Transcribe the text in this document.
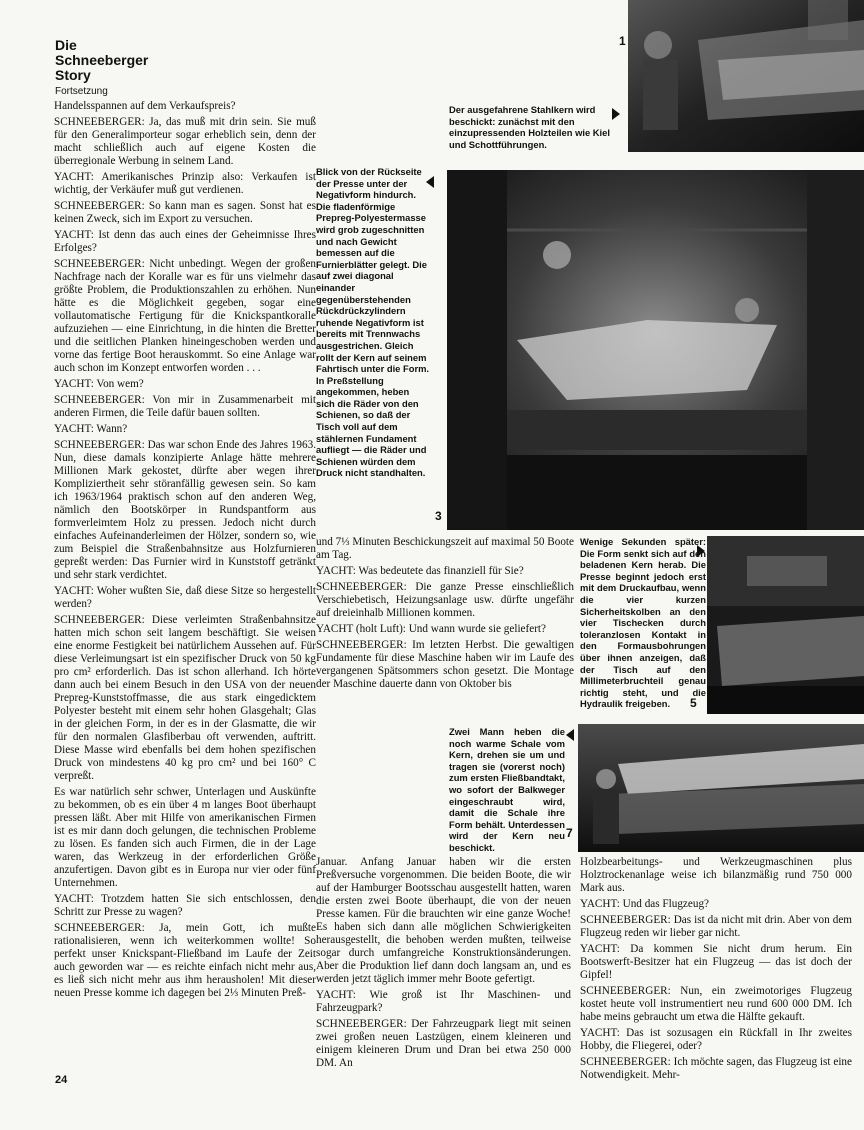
Die
Schneeberger
Story
Fortsetzung

Handelsspannen auf dem Verkaufspreis?

SCHNEEBERGER: Ja, das muß mit drin sein. Sie muß für den Generalimporteur sogar erheblich sein, denn der macht schließlich auch auf eigene Kosten die überregionale Werbung in seinem Land.

YACHT: Amerikanisches Prinzip also: Verkaufen ist wichtig, der Verkäufer muß gut verdienen.

SCHNEEBERGER: So kann man es sagen. Sonst hat es keinen Zweck, sich im Export zu versuchen.

YACHT: Ist denn das auch eines der Geheimnisse Ihres Erfolges?

SCHNEEBERGER: Nicht unbedingt. Wegen der großen Nachfrage nach der Koralle war es für uns vielmehr das größte Problem, die Produktionszahlen zu erhöhen. Nun hätte es die Möglichkeit gegeben, sogar eine vollautomatische Fertigung für die Knickspantkoralle aufzuziehen — eine Einrichtung, in die hinten die Bretter und die seitlichen Planken hineingeschoben werden und vorne das fertige Boot herauskommt. So eine Anlage war auch schon im Konzept entworfen worden . . .

YACHT: Von wem?

SCHNEEBERGER: Von mir in Zusammenarbeit mit anderen Firmen, die Teile dafür bauen sollten.

YACHT: Wann?

SCHNEEBERGER: Das war schon Ende des Jahres 1963. Nun, diese damals konzipierte Anlage hätte mehrere Millionen Mark gekostet, dürfte aber wegen ihrer Kompliziertheit sehr störanfällig gewesen sein. So kam ich 1963/1964 praktisch schon auf den anderen Weg, nämlich den Bootskörper in Rundspantform aus formverleimtem Holz zu pressen. Jedoch nicht durch einfaches Aufeinanderleimen der Hölzer, sondern so, wie zum Beispiel die Straßenbahnsitze aus Holzfurnieren gepreßt werden: Das Furnier wird in Kunststoff getränkt und sehr stark verdichtet.

YACHT: Woher wußten Sie, daß diese Sitze so hergestellt werden?

SCHNEEBERGER: Diese verleimten Straßenbahnsitze hatten mich schon seit langem beschäftigt. Sie weisen eine enorme Festigkeit bei natürlichem Aussehen auf. Für diese Verleimungsart ist ein spezifischer Druck von 50 kg pro cm² erforderlich. Das ist schon allerhand. Ich hörte dann auch bei einem Besuch in den USA von der neuen Prepreg-Kunststoffmasse, die aus stark eingedicktem Polyester besteht mit einem sehr hohen Glasgehalt; Glas in der gleichen Form, in der es in der Glasmatte, die wir für den normalen Glasfiberbau oft verwenden, auftritt. Diese Masse wird ebenfalls bei dem hohen spezifischen Druck von mindestens 40 kg pro cm² und bei 160° C verpreßt.

Es war natürlich sehr schwer, Unterlagen und Auskünfte zu bekommen, ob es ein über 4 m langes Boot überhaupt pressen läßt. Aber mit Hilfe von amerikanischen Firmen ist es mir dann doch gelungen, die technischen Probleme zu lösen. Es fanden sich auch Firmen, die in der Lage waren, das Werkzeug in der erforderlichen Größe anzufertigen. Davon gibt es in Europa nur vier oder fünf Unternehmen.

YACHT: Trotzdem hatten Sie sich entschlossen, den Schritt zur Presse zu wagen?

SCHNEEBERGER: Ja, mein Gott, ich mußte rationalisieren, wenn ich weiterkommen wollte! So perfekt unser Knickspant-Fließband im Laufe der Zeit auch geworden war — es reichte einfach nicht mehr aus, es ließ sich nicht mehr aus ihm herausholen! Mit dieser neuen Presse komme ich dagegen bei 2⅓ Minuten Preß-

1
Der ausgefahrene Stahlkern wird beschickt: zunächst mit den einzupressenden Holzteilen wie Kiel und Schottführungen.
Blick von der Rückseite der Presse unter der Negativform hindurch. Die fladenförmige Prepreg-Polyestermasse wird grob zugeschnitten und nach Gewicht bemessen auf die Furnierblätter gelegt. Die auf zwei diagonal einander gegenüberstehenden Rückdrückzylindern ruhende Negativform ist bereits mit Trennwachs ausgestrichen. Gleich rollt der Kern auf seinem Fahrtisch unter die Form. In Preßstellung angekommen, heben sich die Räder von den Schienen, so daß der Tisch voll auf dem stählernen Fundament aufliegt — die Räder und Schienen würden dem Druck nicht standhalten.
3

und 7⅓ Minuten Beschickungszeit auf maximal 50 Boote am Tag.

YACHT: Was bedeutete das finanziell für Sie?

SCHNEEBERGER: Die ganze Presse einschließlich Verschiebetisch, Heizungsanlage usw. dürfte ungefähr auf dreieinhalb Millionen kommen.

YACHT (holt Luft): Und wann wurde sie geliefert?

SCHNEEBERGER: Im letzten Herbst. Die gewaltigen Fundamente für diese Maschine haben wir im Laufe des vergangenen Spätsommers schon gesetzt. Die Montage der Maschine dauerte dann von Oktober bis

Wenige Sekunden später: Die Form senkt sich auf den beladenen Kern herab. Die Presse beginnt jedoch erst mit dem Druckaufbau, wenn die vier kurzen Sicherheitskolben an den vier Tischecken durch toleranzlosen Kontakt in den Formausbohrungen über ihnen anzeigen, daß der Tisch auf den Millimeterbruchteil genau richtig steht, und die Hydraulik freigeben.	5
Zwei Mann heben die noch warme Schale vom Kern, drehen sie um und tragen sie (vorerst noch) zum ersten Fließbandtakt, wo sofort der Balkweger eingeschraubt wird, damit die Schale ihre Form behält. Unterdessen wird der Kern neu beschickt.
7

Januar. Anfang Januar haben wir die ersten Preßversuche vorgenommen. Die beiden Boote, die wir auf der Hamburger Bootsschau ausgestellt hatten, waren die ersten zwei Boote überhaupt, die von der neuen Presse kamen. Für die brauchten wir eine ganze Woche! Es haben sich dann alle möglichen Schwierigkeiten herausgestellt, die behoben werden mußten, teilweise sogar durch umfangreiche Konstruktionsänderungen. Aber die Produktion lief dann doch langsam an, und es werden jetzt täglich immer mehr Boote gefertigt.

YACHT: Wie groß ist Ihr Maschinen- und Fahrzeugpark?

SCHNEEBERGER: Der Fahrzeugpark liegt mit seinen zwei großen neuen Lastzügen, einem kleineren und einigem kleineren Drum und Dran bei etwa 250 000 DM. An

Holzbearbeitungs- und Werkzeugmaschinen plus Holztrockenanlage weise ich bilanzmäßig rund 750 000 Mark aus.

YACHT: Und das Flugzeug?

SCHNEEBERGER: Das ist da nicht mit drin. Aber von dem Flugzeug reden wir lieber gar nicht.

YACHT: Da kommen Sie nicht drum herum. Ein Bootswerft-Besitzer hat ein Flugzeug — das ist doch der Gipfel!

SCHNEEBERGER: Nun, ein zweimotoriges Flugzeug kostet heute voll instrumentiert neu rund 600 000 DM. Ich habe meins gebraucht um etwa die Hälfte gekauft.

YACHT: Das ist sozusagen ein Rückfall in Ihr zweites Hobby, die Fliegerei, oder?

SCHNEEBERGER: Ich möchte sagen, das Flugzeug ist eine Notwendigkeit. Mehr-

24
